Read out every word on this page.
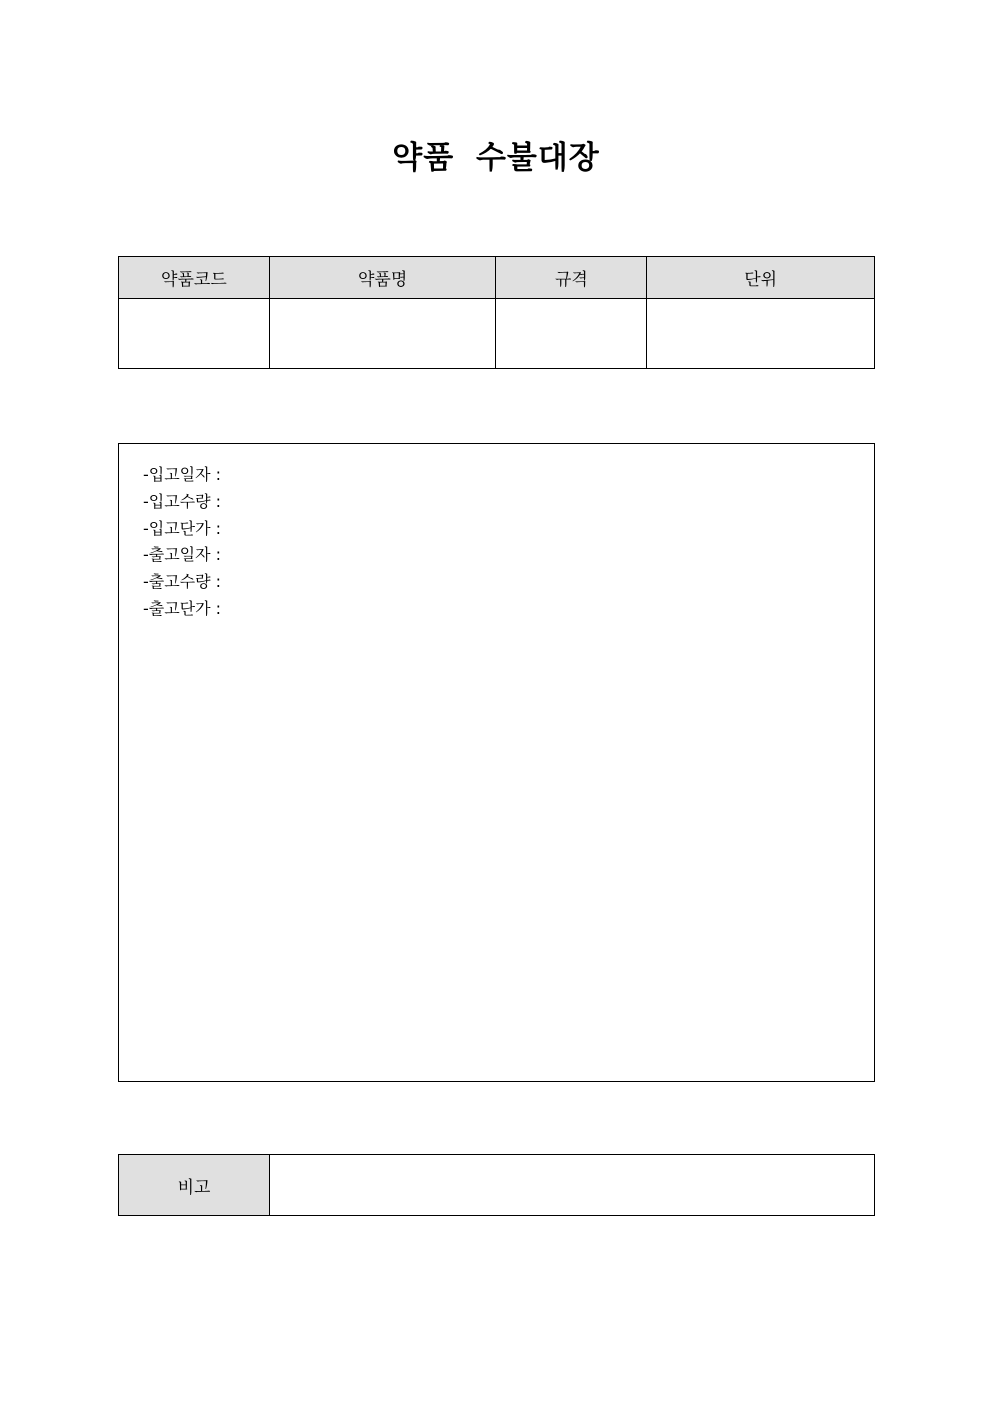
약품 수불대장
약품코드	약품명	규격	단위

-입고일자 :
-입고수량 :
-입고단가 :
-출고일자 :
-출고수량 :
-출고단가 :
비고	
